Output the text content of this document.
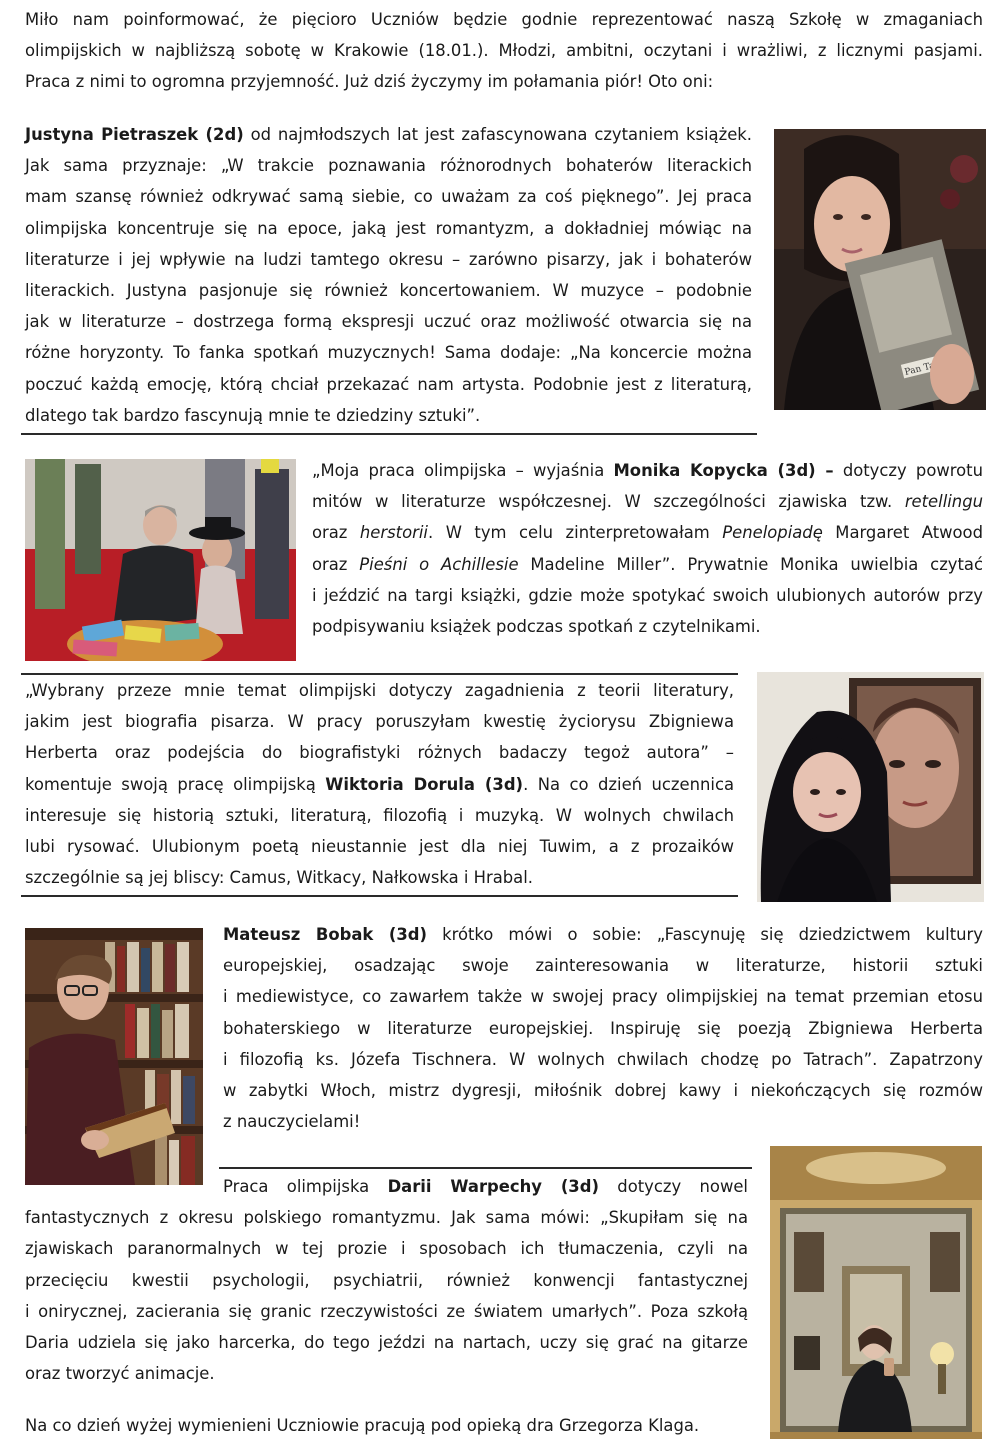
Miło nam poinformować, że pięcioro Uczniów będzie godnie reprezentować naszą Szkołę w zmaganiach

olimpijskich w najbliższą sobotę w Krakowie (18.01.). Młodzi, ambitni, oczytani i wrażliwi, z licznymi pasjami.

Praca z nimi to ogromna przyjemność. Już dziś życzymy im połamania piór! Oto oni:

Justyna Pietraszek (2d) od najmłodszych lat jest zafascynowana czytaniem książek.

Jak sama przyznaje: „W trakcie poznawania różnorodnych bohaterów literackich

mam szansę również odkrywać samą siebie, co uważam za coś pięknego”. Jej praca

olimpijska koncentruje się na epoce, jaką jest romantyzm, a dokładniej mówiąc na

literaturze i jej wpływie na ludzi tamtego okresu – zarówno pisarzy, jak i bohaterów

literackich. Justyna pasjonuje się również koncertowaniem. W muzyce – podobnie

jak w literaturze – dostrzega formą ekspresji uczuć oraz możliwość otwarcia się na

różne horyzonty. To fanka spotkań muzycznych! Sama dodaje: „Na koncercie można

poczuć każdą emocję, którą chciał przekazać nam artysta. Podobnie jest z literaturą,

dlatego tak bardzo fascynują mnie te dziedziny sztuki”.

Pan

„Moja praca olimpijska – wyjaśnia Monika Kopycka (3d) – dotyczy powrotu

mitów w literaturze współczesnej. W szczególności zjawiska tzw. retellingu

oraz herstorii. W tym celu zinterpretowałam Penelopiadę Margaret Atwood

oraz Pieśni o Achillesie Madeline Miller”. Prywatnie Monika uwielbia czytać

i jeździć na targi książki, gdzie może spotykać swoich ulubionych autorów przy

podpisywaniu książek podczas spotkań z czytelnikami.

„Wybrany przeze mnie temat olimpijski dotyczy zagadnienia z teorii literatury,

jakim jest biografia pisarza. W pracy poruszyłam kwestię życiorysu Zbigniewa

Herberta oraz podejścia do biografistyki różnych badaczy tegoż autora” –

komentuje swoją pracę olimpijską Wiktoria Dorula (3d). Na co dzień uczennica

interesuje się historią sztuki, literaturą, filozofią i muzyką. W wolnych chwilach

lubi rysować. Ulubionym poetą nieustannie jest dla niej Tuwim, a z prozaików

szczególnie są jej bliscy: Camus, Witkacy, Nałkowska i Hrabal.

Mateusz Bobak (3d) krótko mówi o sobie: „Fascynuję się dziedzictwem kultury

europejskiej, osadzając swoje zainteresowania w literaturze, historii sztuki

i mediewistyce, co zawarłem także w swojej pracy olimpijskiej na temat przemian etosu

bohaterskiego w literaturze europejskiej. Inspiruję się poezją Zbigniewa Herberta

i filozofią ks. Józefa Tischnera. W wolnych chwilach chodzę po Tatrach”. Zapatrzony

w zabytki Włoch, mistrz dygresji, miłośnik dobrej kawy i niekończących się rozmów

z nauczycielami!

Praca olimpijska Darii Warpechy (3d) dotyczy nowel

fantastycznych z okresu polskiego romantyzmu. Jak sama mówi: „Skupiłam się na

zjawiskach paranormalnych w tej prozie i sposobach ich tłumaczenia, czyli na

przecięciu kwestii psychologii, psychiatrii, również konwencji fantastycznej

i onirycznej, zacierania się granic rzeczywistości ze światem umarłych”. Poza szkołą

Daria udziela się jako harcerka, do tego jeździ na nartach, uczy się grać na gitarze

oraz tworzyć animacje.

Na co dzień wyżej wymienieni Uczniowie pracują pod opieką dra Grzegorza Klaga.
